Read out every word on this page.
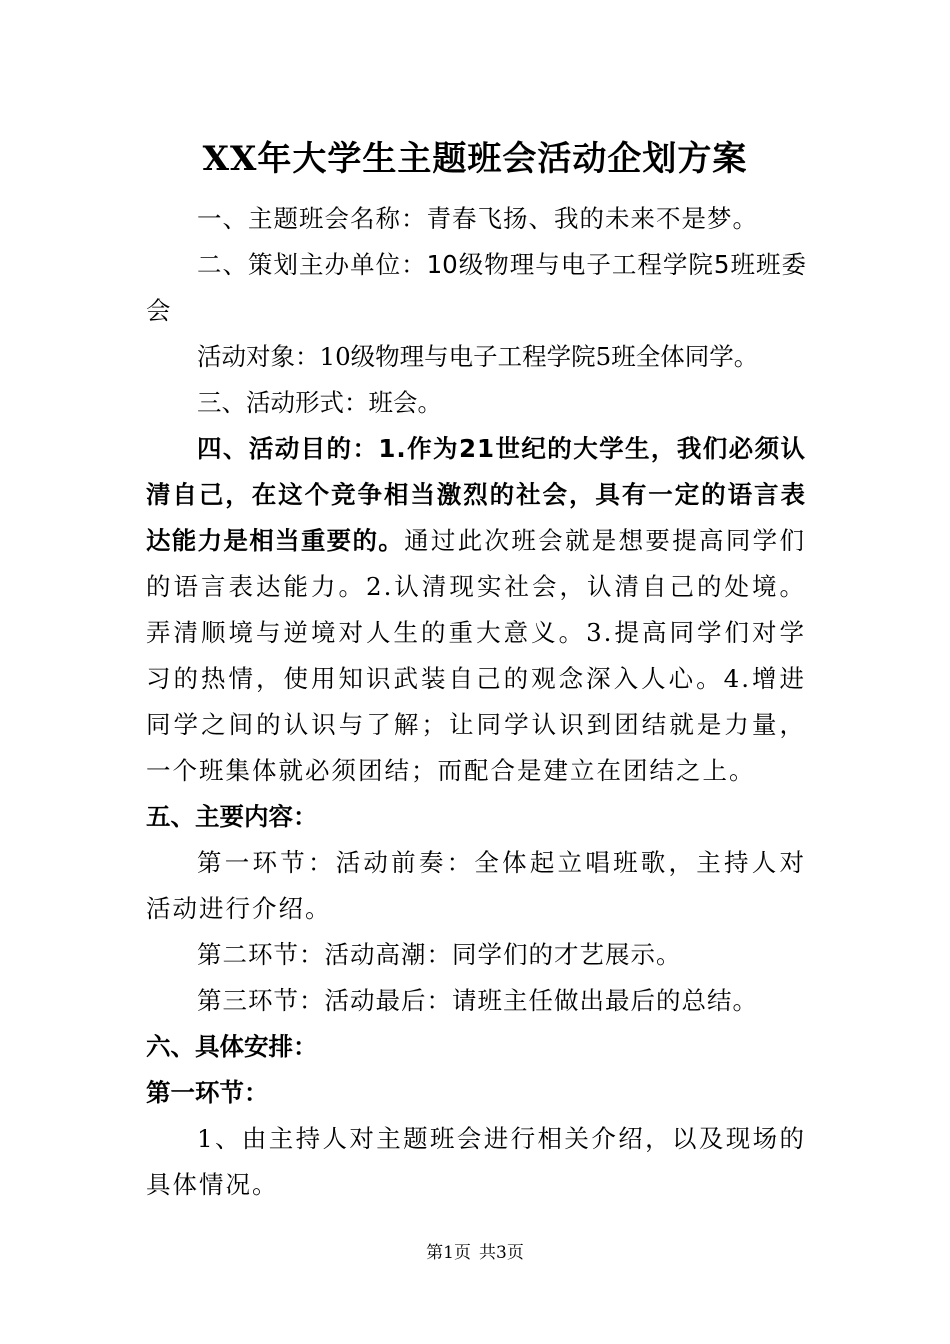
XX年大学生主题班会活动企划方案

一、主题班会名称：青春飞扬、我的未来不是梦。

二、策划主办单位：10级物理与电子工程学院5班班委会

活动对象：10级物理与电子工程学院5班全体同学。

三、活动形式：班会。

四、活动目的：1.作为21世纪的大学生，我们必须认清自己，在这个竞争相当激烈的社会，具有一定的语言表达能力是相当重要的。通过此次班会就是想要提高同学们的语言表达能力。2.认清现实社会，认清自己的处境。弄清顺境与逆境对人生的重大意义。3.提高同学们对学习的热情，使用知识武装自己的观念深入人心。4.增进同学之间的认识与了解；让同学认识到团结就是力量，一个班集体就必须团结；而配合是建立在团结之上。

五、主要内容：

第一环节：活动前奏：全体起立唱班歌，主持人对活动进行介绍。

第二环节：活动高潮：同学们的才艺展示。

第三环节：活动最后：请班主任做出最后的总结。

六、具体安排：

第一环节：

1、由主持人对主题班会进行相关介绍，以及现场的具体情况。

第1页 共3页
